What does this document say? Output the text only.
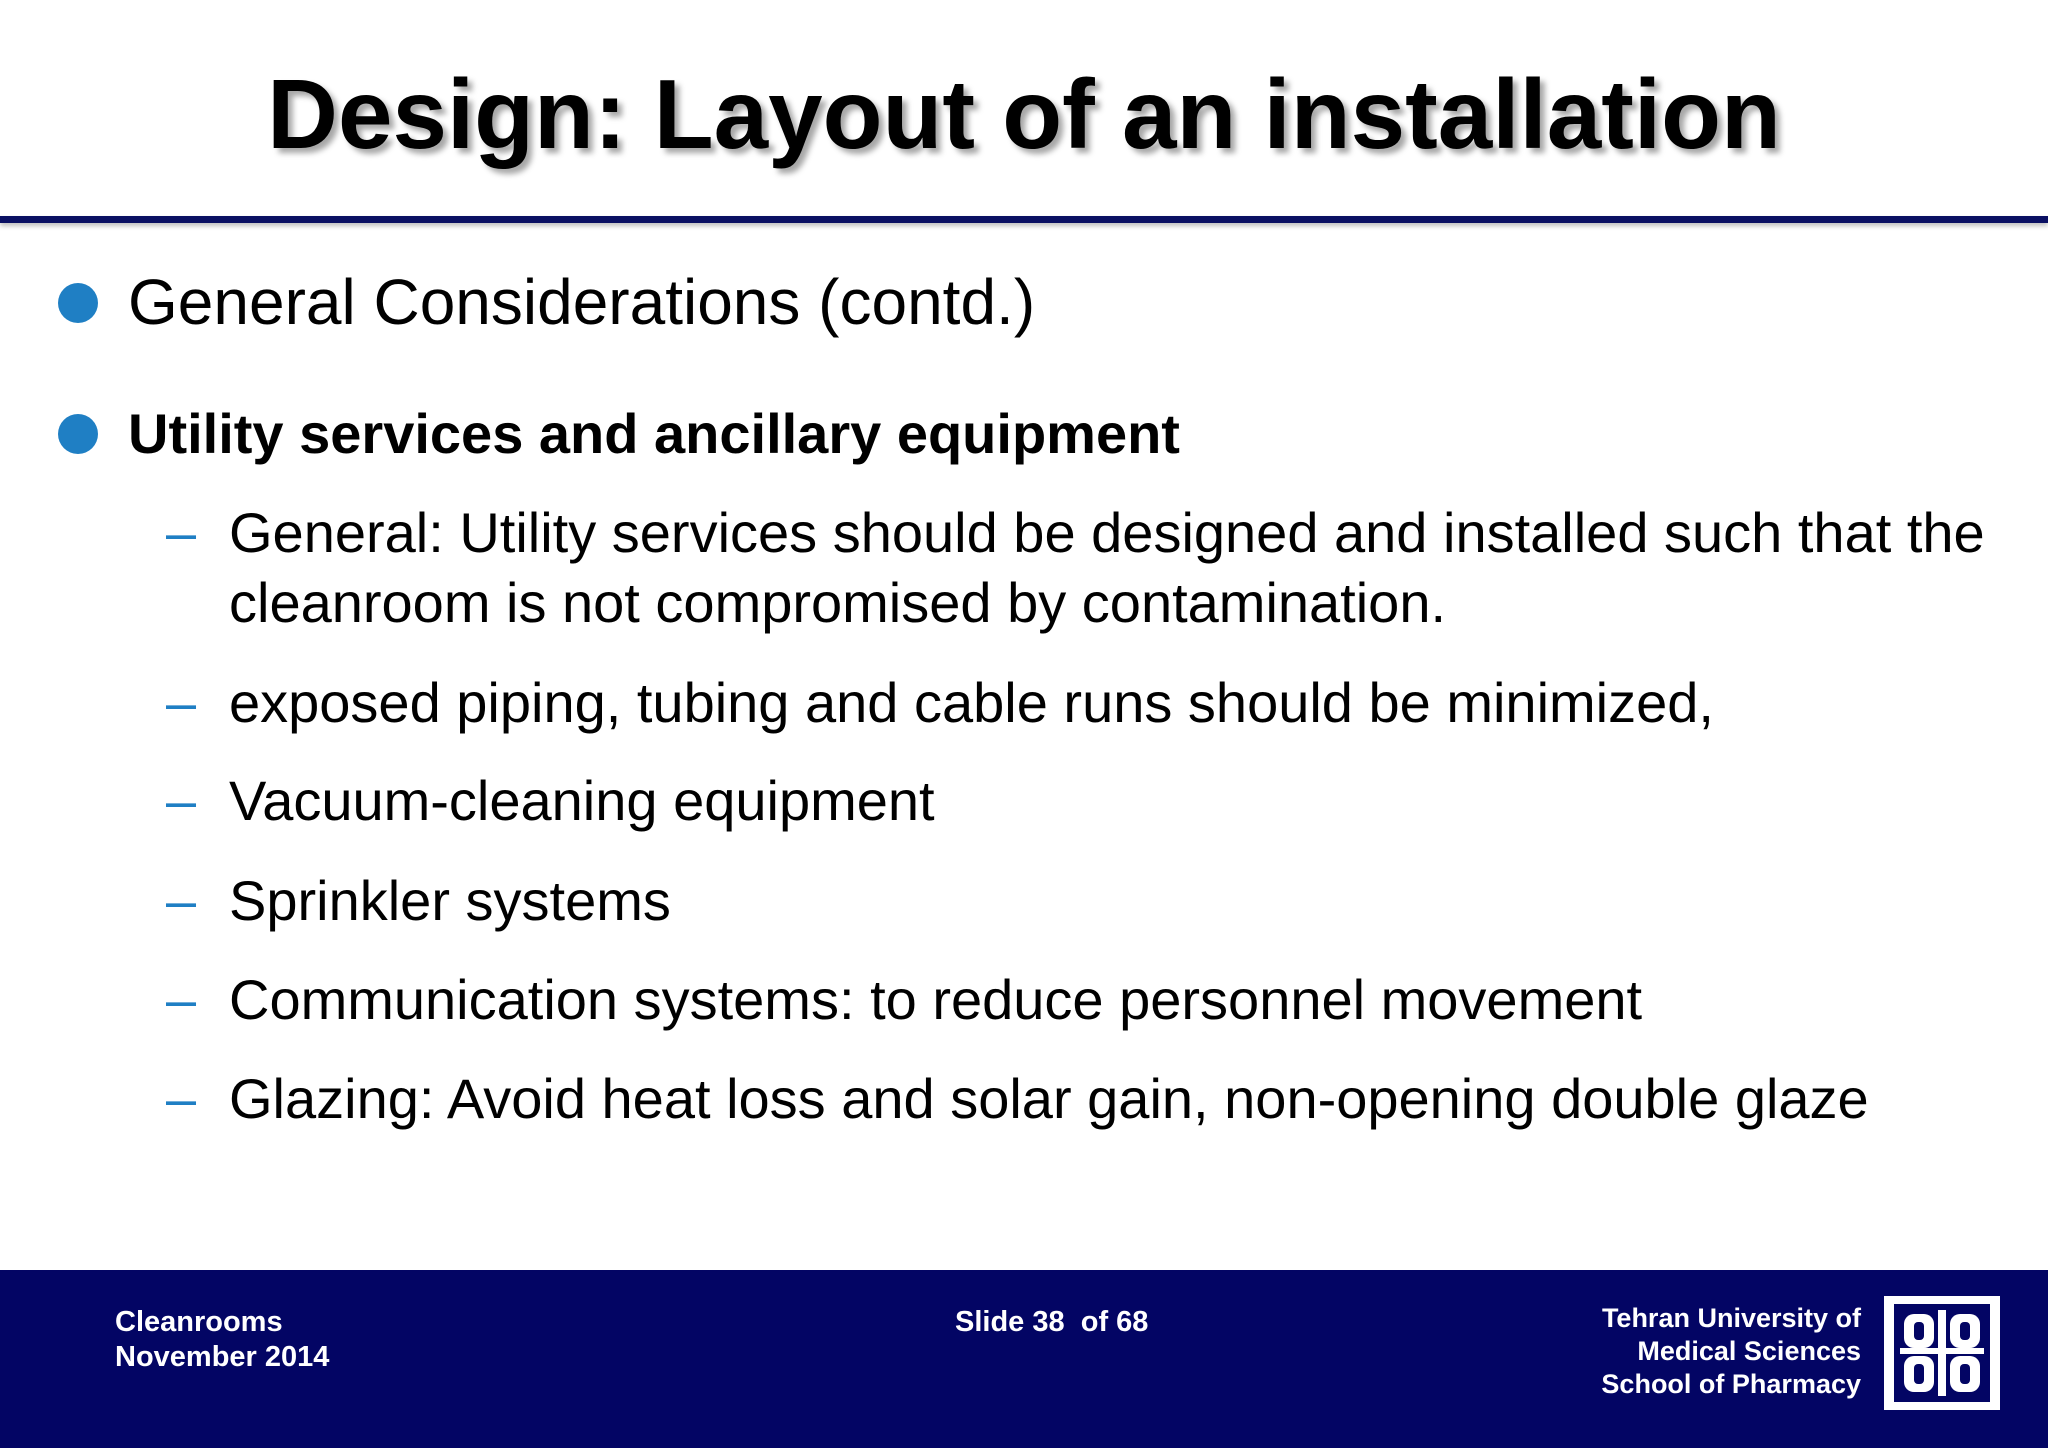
Design: Layout of an installation
General Considerations (contd.)
Utility services and ancillary equipment
– General: Utility services should be designed and installed such that the cleanroom is not compromised by contamination.
– exposed piping, tubing and cable runs should be minimized,
– Vacuum-cleaning equipment
– Sprinkler systems
– Communication systems: to reduce personnel movement
– Glazing: Avoid heat loss and solar gain, non-opening double glaze
Cleanrooms
November 2014
Slide 38  of 68	Tehran University of
Medical Sciences
School of Pharmacy
